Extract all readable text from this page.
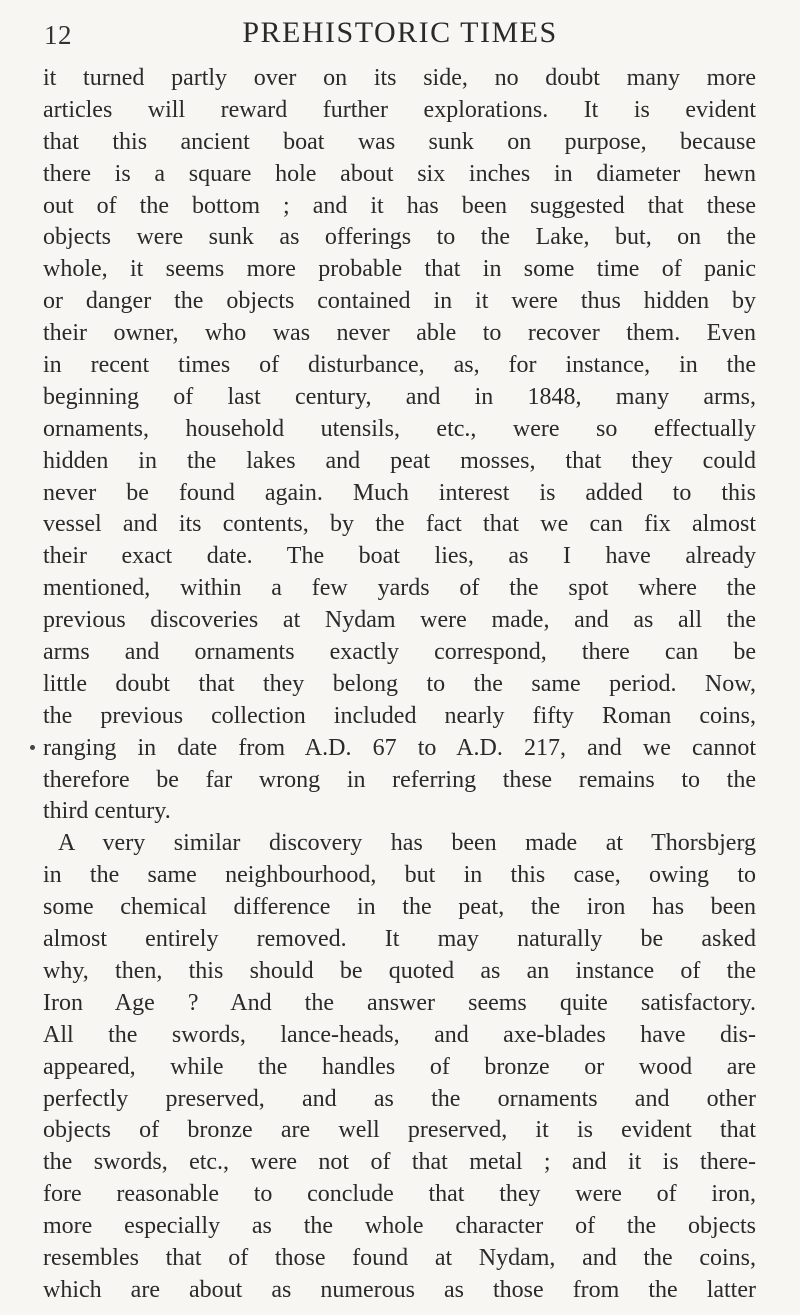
12	PREHISTORIC TIMES
it turned partly over on its side, no doubt many more
articles will reward further explorations. It is evident
that this ancient boat was sunk on purpose, because
there is a square hole about six inches in diameter hewn
out of the bottom ; and it has been suggested that these
objects were sunk as offerings to the Lake, but, on the
whole, it seems more probable that in some time of panic
or danger the objects contained in it were thus hidden by
their owner, who was never able to recover them. Even
in recent times of disturbance, as, for instance, in the
beginning of last century, and in 1848, many arms,
ornaments, household utensils, etc., were so effectually
hidden in the lakes and peat mosses, that they could
never be found again. Much interest is added to this
vessel and its contents, by the fact that we can fix almost
their exact date. The boat lies, as I have already
mentioned, within a few yards of the spot where the
previous discoveries at Nydam were made, and as all the
arms and ornaments exactly correspond, there can be
little doubt that they belong to the same period. Now,
the previous collection included nearly fifty Roman coins,
ranging in date from A.D. 67 to A.D. 217, and we cannot
therefore be far wrong in referring these remains to the
third century.
A very similar discovery has been made at Thorsbjerg
in the same neighbourhood, but in this case, owing to
some chemical difference in the peat, the iron has been
almost entirely removed. It may naturally be asked
why, then, this should be quoted as an instance of the
Iron Age ? And the answer seems quite satisfactory.
All the swords, lance-heads, and axe-blades have dis-
appeared, while the handles of bronze or wood are
perfectly preserved, and as the ornaments and other
objects of bronze are well preserved, it is evident that
the swords, etc., were not of that metal ; and it is there-
fore reasonable to conclude that they were of iron,
more especially as the whole character of the objects
resembles that of those found at Nydam, and the coins,
which are about as numerous as those from the latter
